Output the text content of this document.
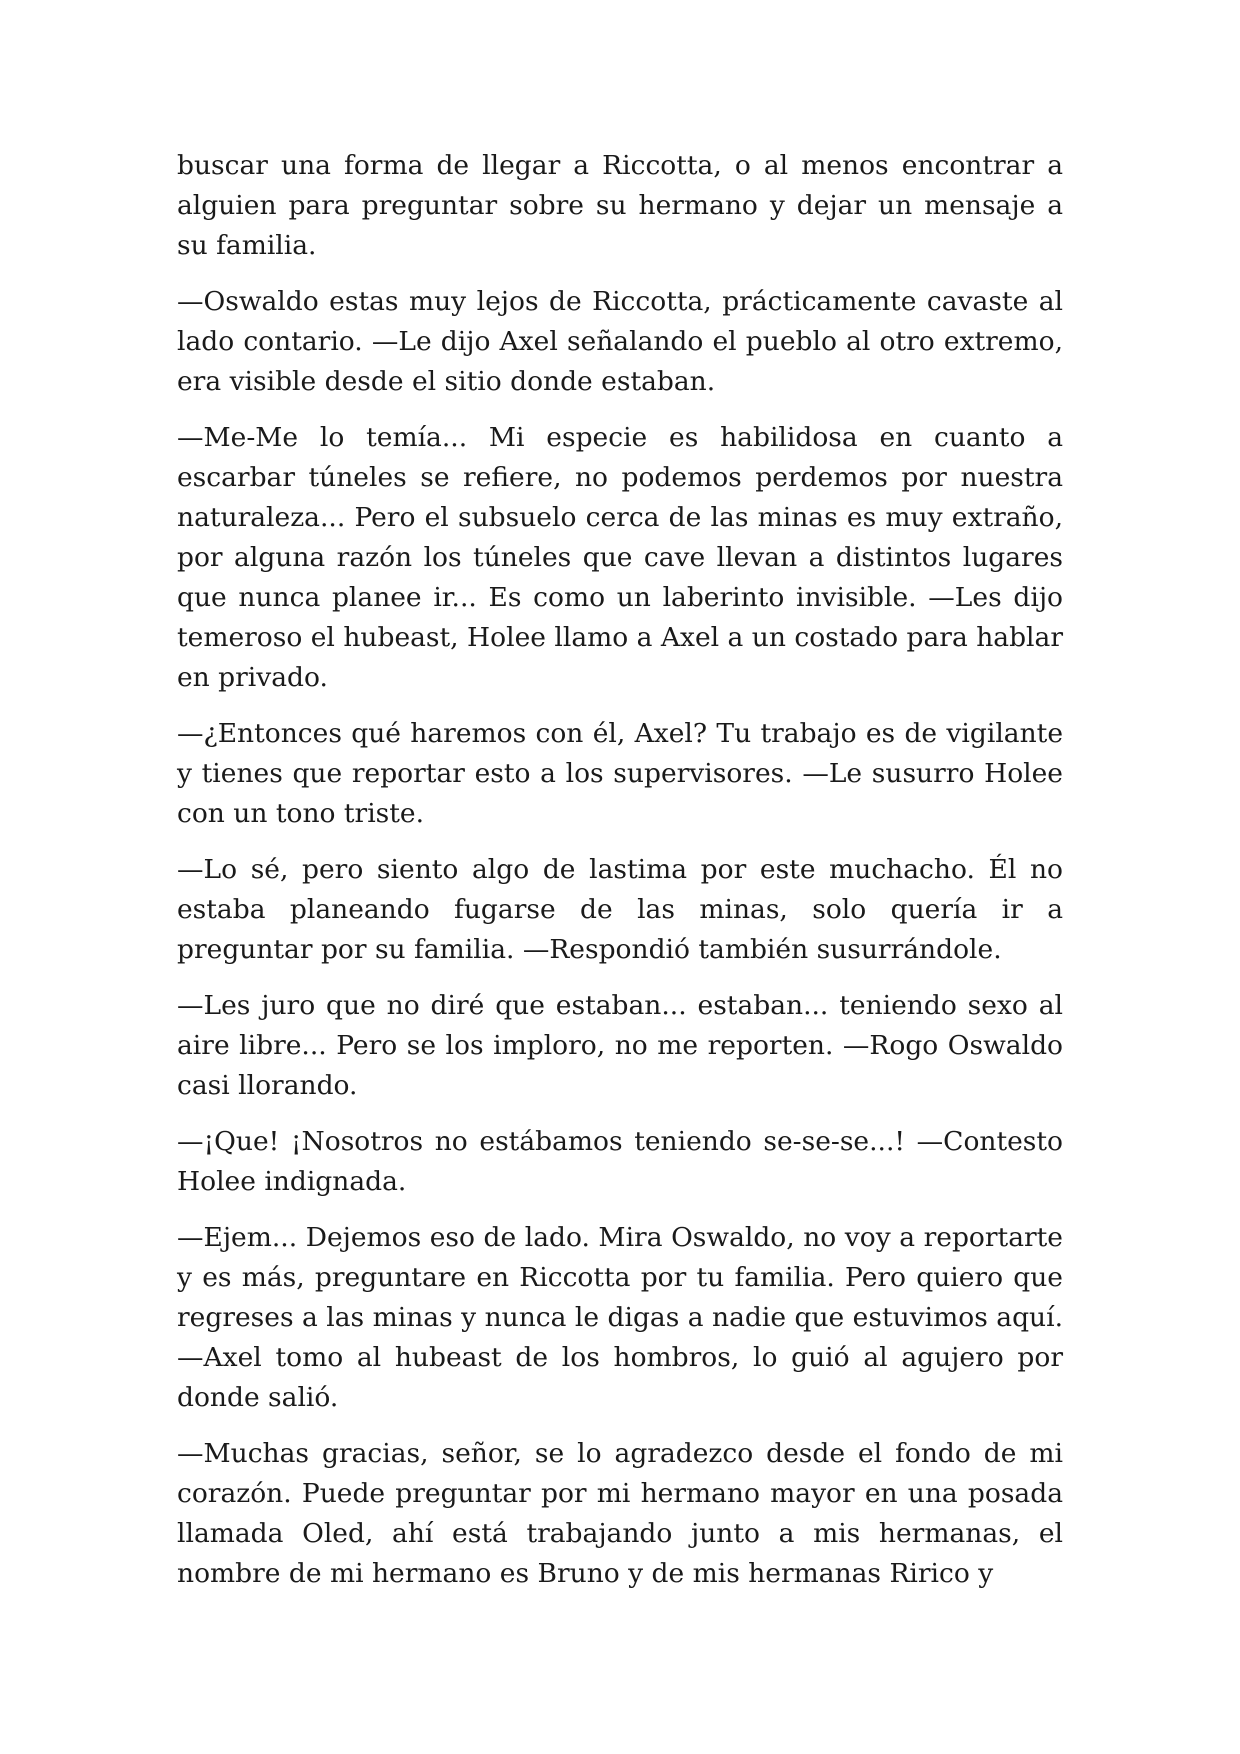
buscar una forma de llegar a Riccotta, o al menos encontrar a alguien para preguntar sobre su hermano y dejar un mensaje a su familia.

—Oswaldo estas muy lejos de Riccotta, prácticamente cavaste al lado contario. —Le dijo Axel señalando el pueblo al otro extremo, era visible desde el sitio donde estaban.

—Me-Me lo temía... Mi especie es habilidosa en cuanto a escarbar túneles se refiere, no podemos perdemos por nuestra naturaleza... Pero el subsuelo cerca de las minas es muy extraño, por alguna razón los túneles que cave llevan a distintos lugares que nunca planee ir... Es como un laberinto invisible. —Les dijo temeroso el hubeast, Holee llamo a Axel a un costado para hablar en privado.

—¿Entonces qué haremos con él, Axel? Tu trabajo es de vigilante y tienes que reportar esto a los supervisores. —Le susurro Holee con un tono triste.

—Lo sé, pero siento algo de lastima por este muchacho. Él no estaba planeando fugarse de las minas, solo quería ir a preguntar por su familia. —Respondió también susurrándole.

—Les juro que no diré que estaban... estaban... teniendo sexo al aire libre... Pero se los imploro, no me reporten. —Rogo Oswaldo casi llorando.

—¡Que! ¡Nosotros no estábamos teniendo se-se-se...! —Contesto Holee indignada.

—Ejem... Dejemos eso de lado. Mira Oswaldo, no voy a reportarte y es más, preguntare en Riccotta por tu familia. Pero quiero que regreses a las minas y nunca le digas a nadie que estuvimos aquí. —Axel tomo al hubeast de los hombros, lo guió al agujero por donde salió.

—Muchas gracias, señor, se lo agradezco desde el fondo de mi corazón. Puede preguntar por mi hermano mayor en una posada llamada Oled, ahí está trabajando junto a mis hermanas, el nombre de mi hermano es Bruno y de mis hermanas Ririco y
